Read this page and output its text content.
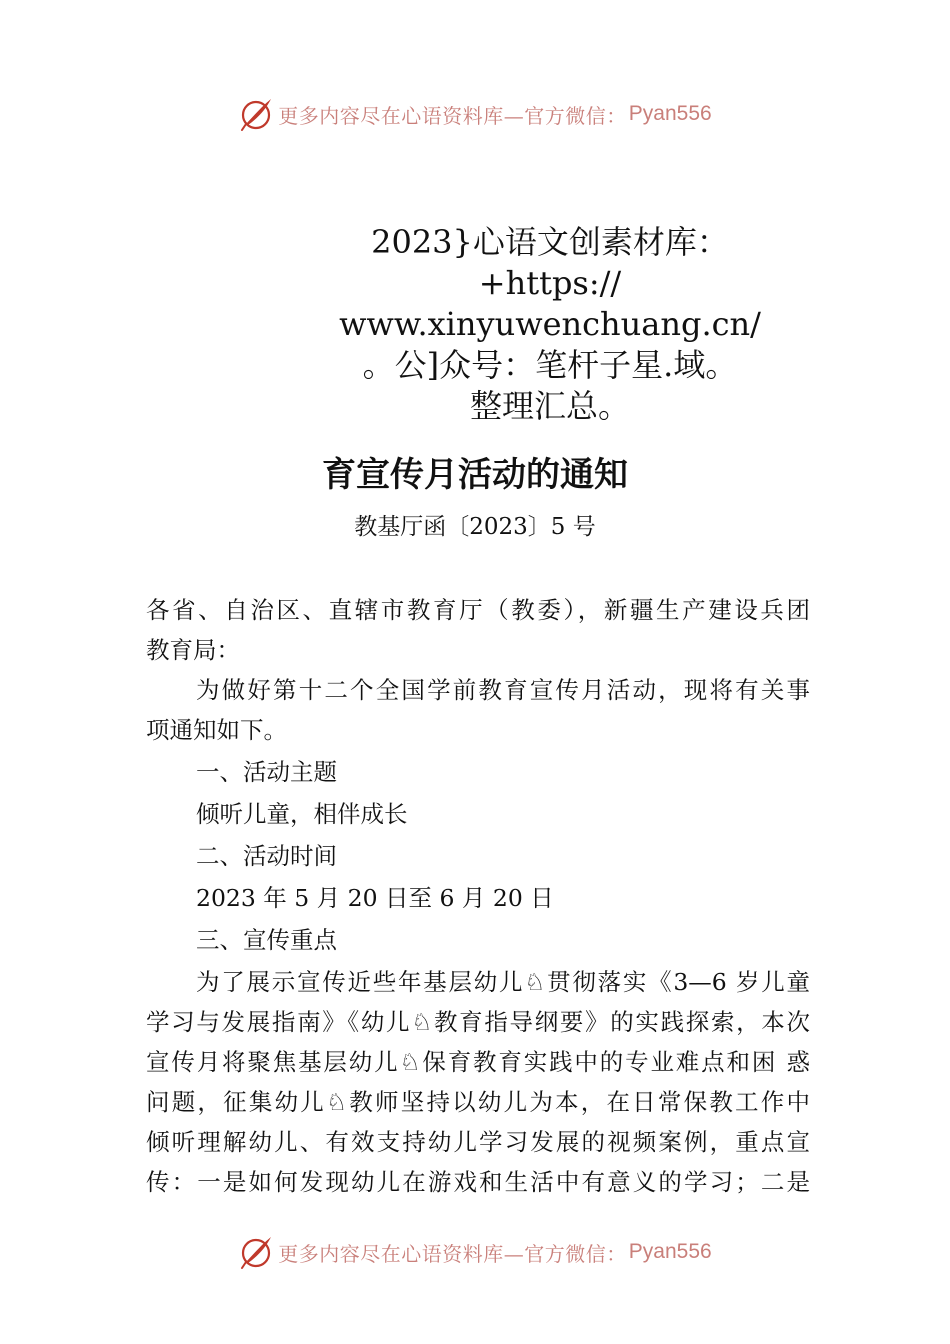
更多内容尽在心语资料库—官方微信： Pyan556
2023}心语文创素材库：
+https://
www.xinyuwenchuang.cn/
。公]众号：笔杆子星.域。
整理汇总。
育宣传月活动的通知
教基厅函〔2023〕5 号
各省、自治区、直辖市教育厅（教委），新疆生产建设兵团
教育局：
为做好第十二个全国学前教育宣传月活动，现将有关事
项通知如下。
一、活动主题
倾听儿童，相伴成长
二、活动时间
2023 年 5 月 20 日至 6 月 20 日
三、宣传重点
为了展示宣传近些年基层幼儿♘贯彻落实《3—6 岁儿童
学习与发展指南》《幼儿♘教育指导纲要》的实践探索，本次
宣传月将聚焦基层幼儿♘保育教育实践中的专业难点和困 惑
问题，征集幼儿♘教师坚持以幼儿为本，在日常保教工作中
倾听理解幼儿、有效支持幼儿学习发展的视频案例，重点宣
传：一是如何发现幼儿在游戏和生活中有意义的学习；二是
更多内容尽在心语资料库—官方微信： Pyan556
